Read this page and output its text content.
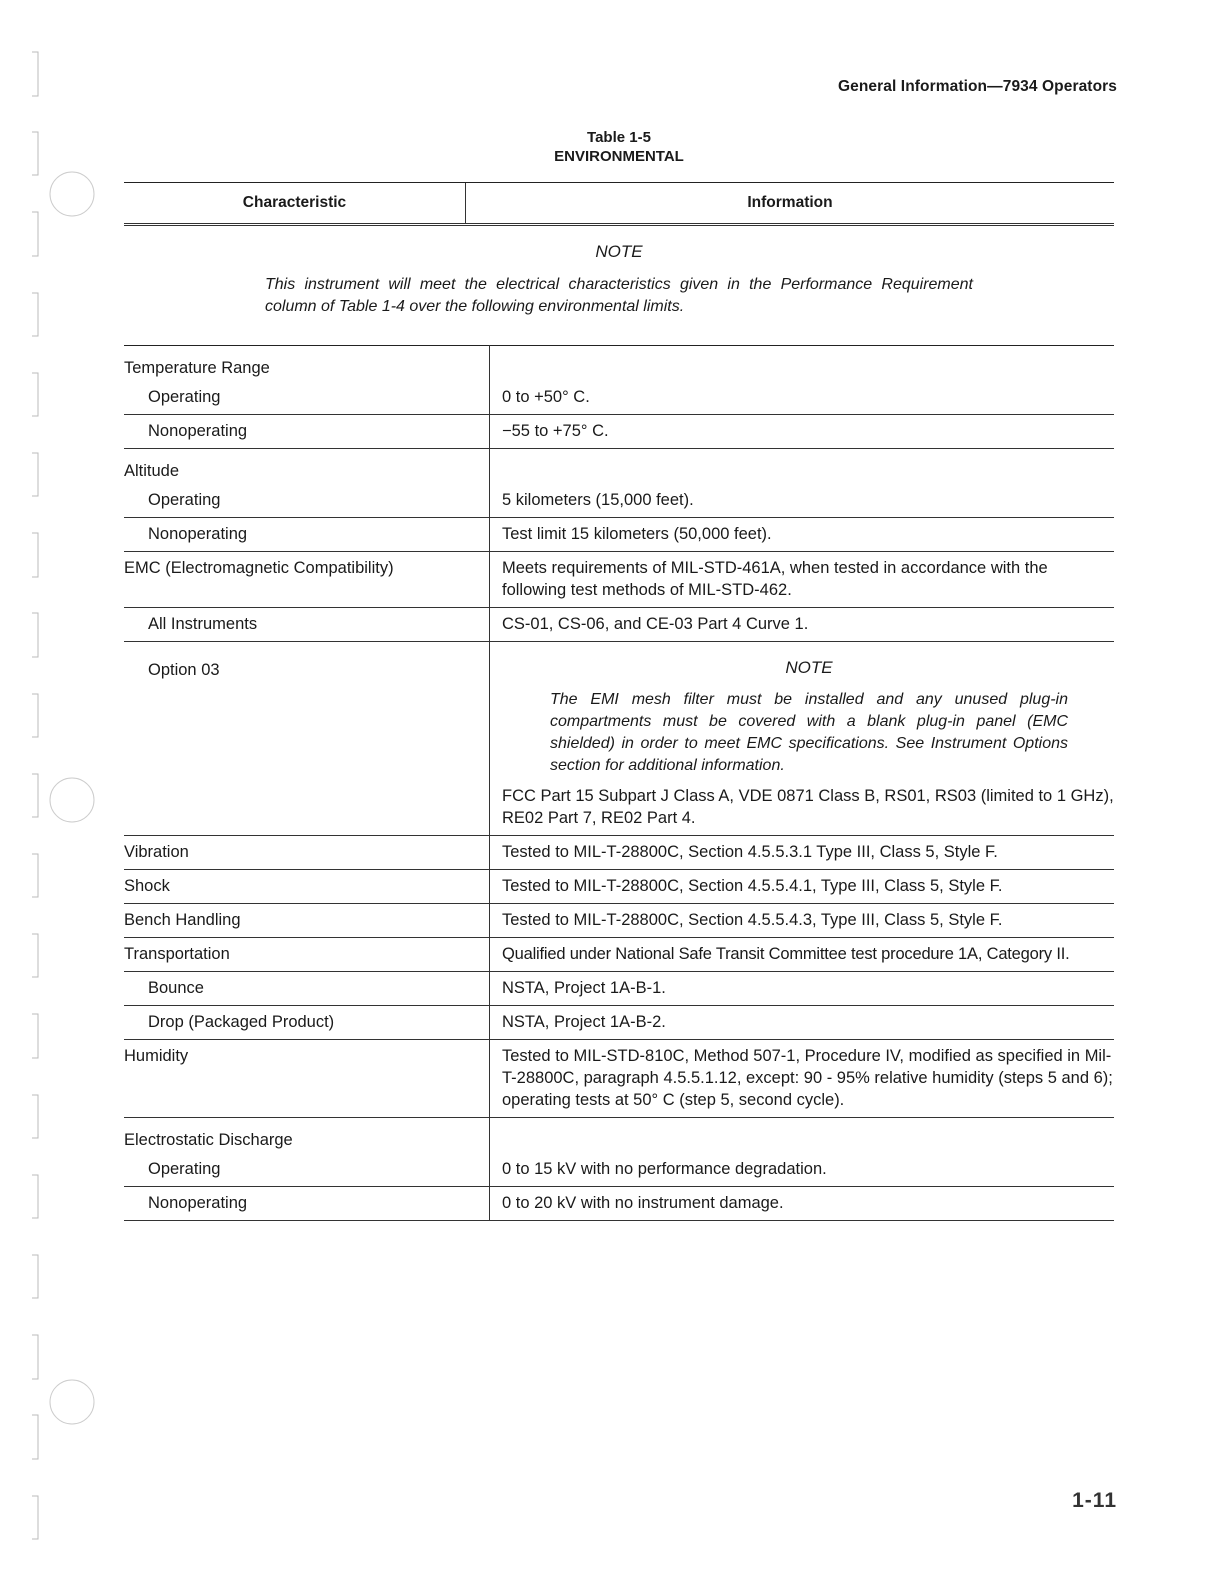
General Information—7934 Operators
Table 1-5
ENVIRONMENTAL
Characteristic	Information
NOTE
This instrument will meet the electrical characteristics given in the Performance Requirement column of Table 1-4 over the following environmental limits.
Temperature Range	
Operating	0 to +50° C.
Nonoperating	−55 to +75° C.
Altitude	
Operating	5 kilometers (15,000 feet).
Nonoperating	Test limit 15 kilometers (50,000 feet).
EMC (Electromagnetic Compatibility)	Meets requirements of MIL-STD-461A, when tested in accordance with the following test methods of MIL-STD-462.
All Instruments	CS-01, CS-06, and CE-03 Part 4 Curve 1.
Option 03	NOTE
The EMI mesh filter must be installed and any unused plug-in compartments must be covered with a blank plug-in panel (EMC shielded) in order to meet EMC specifications. See Instrument Options section for additional information.
FCC Part 15 Subpart J Class A, VDE 0871 Class B, RS01, RS03 (limited to 1 GHz), RE02 Part 7, RE02 Part 4.

Vibration	Tested to MIL-T-28800C, Section 4.5.5.3.1 Type III, Class 5, Style F.
Shock	Tested to MIL-T-28800C, Section 4.5.5.4.1, Type III, Class 5, Style F.
Bench Handling	Tested to MIL-T-28800C, Section 4.5.5.4.3, Type III, Class 5, Style F.
Transportation	Qualified under National Safe Transit Committee test procedure 1A, Category II.
Bounce	NSTA, Project 1A-B-1.
Drop (Packaged Product)	NSTA, Project 1A-B-2.
Humidity	Tested to MIL-STD-810C, Method 507-1, Procedure IV, modified as specified in Mil-T-28800C, paragraph 4.5.5.1.12, except: 90 - 95% relative humidity (steps 5 and 6); operating tests at 50° C (step 5, second cycle).
Electrostatic Discharge	
Operating	0 to 15 kV with no performance degradation.
Nonoperating	0 to 20 kV with no instrument damage.
1-11
